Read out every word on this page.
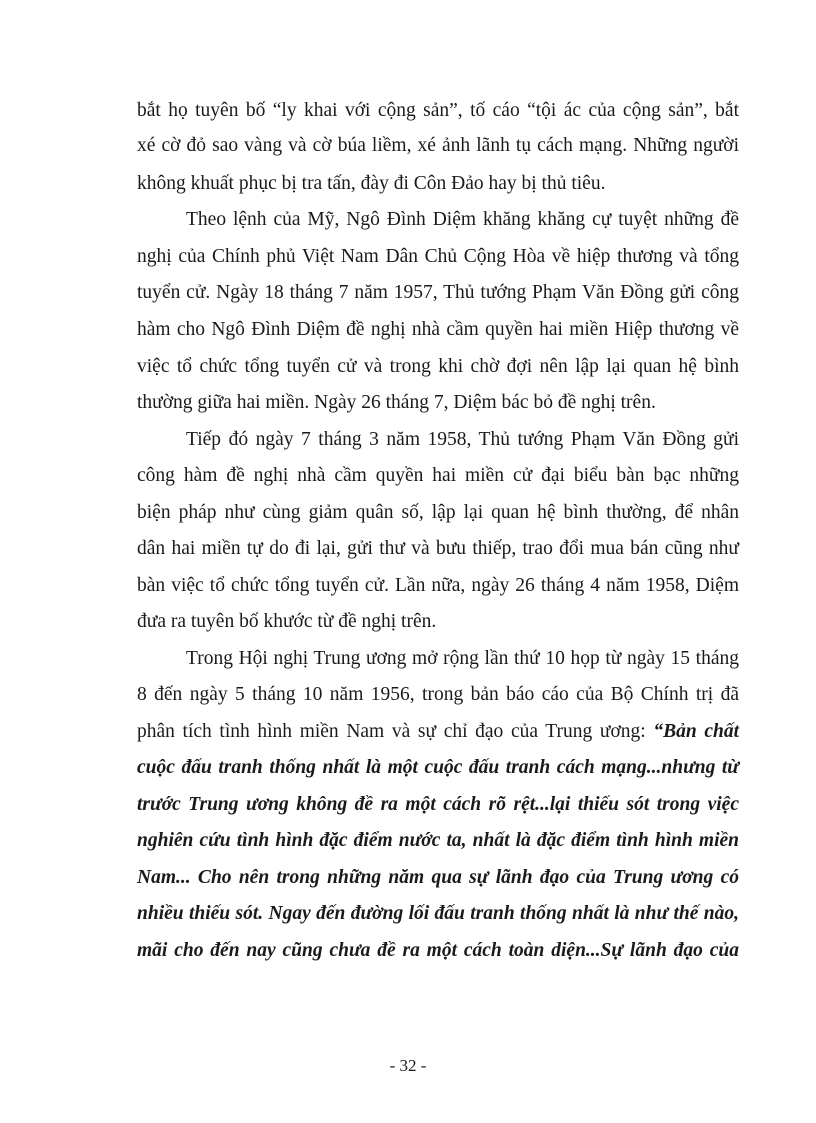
bắt họ tuyên bố “ly khai với cộng sản”, tố cáo “tội ác của cộng sản”, bắt
xé cờ đỏ sao vàng và cờ búa liềm, xé ảnh lãnh tụ cách mạng. Những người
không khuất phục bị tra tấn, đày đi Côn Đảo hay bị thủ tiêu.
Theo lệnh của Mỹ, Ngô Đình Diệm khăng khăng cự tuyệt những đề
nghị của Chính phủ Việt Nam Dân Chủ Cộng Hòa về hiệp thương và tổng
tuyển cử. Ngày 18 tháng 7 năm 1957, Thủ tướng Phạm Văn Đồng gửi công
hàm cho Ngô Đình Diệm đề nghị nhà cầm quyền hai miền Hiệp thương về
việc tổ chức tổng tuyển cử và trong khi chờ đợi nên lập lại quan hệ bình
thường giữa hai miền. Ngày 26 tháng 7, Diệm bác bỏ đề nghị trên.
Tiếp đó ngày 7 tháng 3 năm 1958, Thủ tướng Phạm Văn Đồng gửi
công hàm đề nghị nhà cầm quyền hai miền cử đại biểu bàn bạc những
biện pháp như cùng giảm quân số, lập lại quan hệ bình thường, để nhân
dân hai miền tự do đi lại, gửi thư và bưu thiếp, trao đổi mua bán cũng như
bàn việc tổ chức tổng tuyển cử. Lần nữa, ngày 26 tháng 4 năm 1958, Diệm
đưa ra tuyên bố khước từ đề nghị trên.
Trong Hội nghị Trung ương mở rộng lần thứ 10 họp từ ngày 15 tháng
8 đến ngày 5 tháng 10 năm 1956, trong bản báo cáo của Bộ Chính trị đã
phân tích tình hình miền Nam và sự chỉ đạo của Trung ương: “Bản chất
cuộc đấu tranh thống nhất là một cuộc đấu tranh cách mạng...nhưng từ
trước Trung ương không đề ra một cách rõ rệt...lại thiếu sót trong việc
nghiên cứu tình hình đặc điểm nước ta, nhất là đặc điểm tình hình miền
Nam... Cho nên trong những năm qua sự lãnh đạo của Trung ương có
nhiều thiếu sót. Ngay đến đường lối đấu tranh thống nhất là như thế nào,
mãi cho đến nay cũng chưa đề ra một cách toàn diện...Sự lãnh đạo của
- 32 -
